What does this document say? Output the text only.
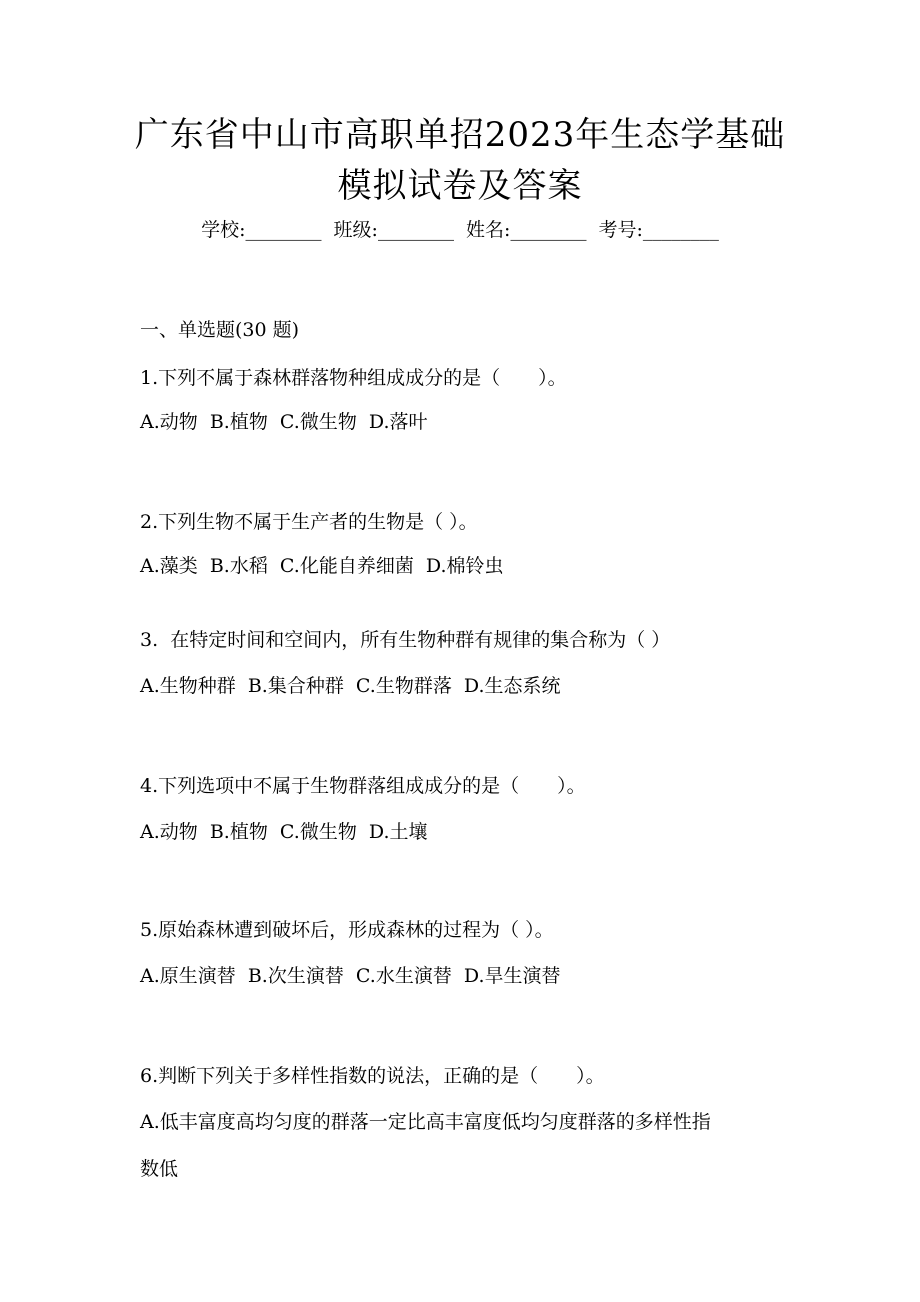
广东省中山市高职单招2023年生态学基础
模拟试卷及答案
学校:________  班级:________  姓名:________  考号:________
一、单选题(30 题)
1.下列不属于森林群落物种组成成分的是（　　）。
A.动物  B.植物  C.微生物  D.落叶
2.下列生物不属于生产者的生物是（ ）。
A.藻类  B.水稻  C.化能自养细菌  D.棉铃虫
3.  在特定时间和空间内，所有生物种群有规律的集合称为（ ）
A.生物种群  B.集合种群  C.生物群落  D.生态系统
4.下列选项中不属于生物群落组成成分的是（　　）。
A.动物  B.植物  C.微生物  D.土壤
5.原始森林遭到破坏后，形成森林的过程为（ ）。
A.原生演替  B.次生演替  C.水生演替  D.旱生演替
6.判断下列关于多样性指数的说法，正确的是（　　）。
A.低丰富度高均匀度的群落一定比高丰富度低均匀度群落的多样性指
数低
